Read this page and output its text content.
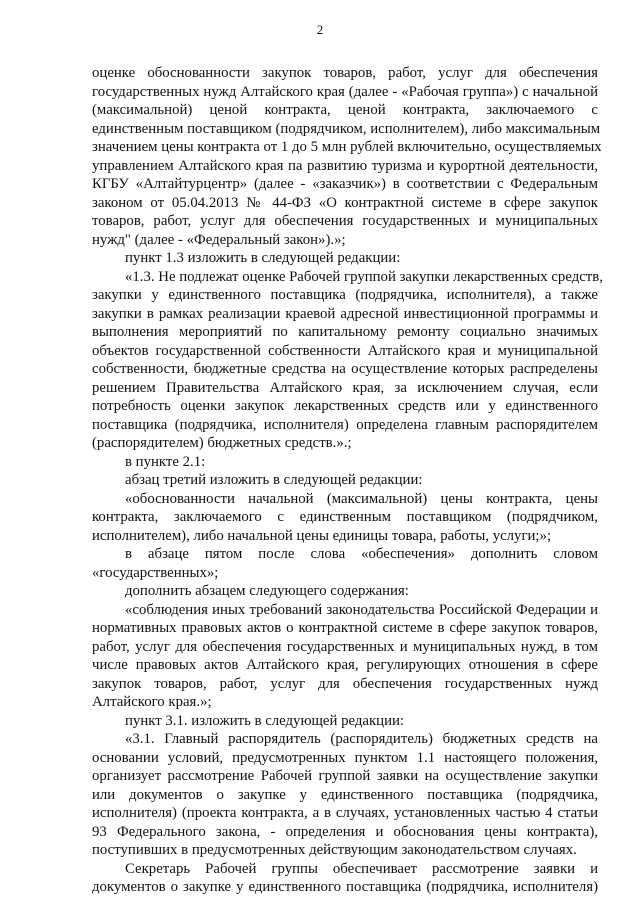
2
оценке обоснованности закупок товаров, работ, услуг для обеспечения
государственных нужд Алтайского края (далее - «Рабочая группа») с начальной
(максимальной) ценой контракта, ценой контракта, заключаемого с
единственным поставщиком (подрядчиком, исполнителем), либо максимальным
значением цены контракта от 1 до 5 млн рублей включительно, осуществляемых
управлением Алтайского края па развитию туризма и курортной деятельности,
КГБУ «Алтайтурцентр» (далее - «заказчик») в соответствии с Федеральным
законом от 05.04.2013 № 44-ФЗ «О контрактной системе в сфере закупок
товаров, работ, услуг для обеспечения государственных и муниципальных
нужд" (далее - «Федеральный закон»).»;
пункт 1.3 изложить в следующей редакции:
«1.3. Не подлежат оценке Рабочей группой закупки лекарственных средств,
закупки у единственного поставщика (подрядчика, исполнителя), а также
закупки в рамках реализации краевой адресной инвестиционной программы и
выполнения мероприятий по капитальному ремонту социально значимых
объектов государственной собственности Алтайского края и муниципальной
собственности, бюджетные средства на осуществление которых распределены
решением Правительства Алтайского края, за исключением случая, если
потребность оценки закупок лекарственных средств или у единственного
поставщика (подрядчика, исполнителя) определена главным распорядителем
(распорядителем) бюджетных средств.».;
в пункте 2.1:
абзац третий изложить в следующей редакции:
«обоснованности начальной (максимальной) цены контракта, цены
контракта, заключаемого с единственным поставщиком (подрядчиком,
исполнителем), либо начальной цены единицы товара, работы, услуги;»;
в абзаце пятом после слова «обеспечения» дополнить словом
«государственных»;
дополнить абзацем следующего содержания:
«соблюдения иных требований законодательства Российской Федерации и
нормативных правовых актов о контрактной системе в сфере закупок товаров,
работ, услуг для обеспечения государственных и муниципальных нужд, в том
числе правовых актов Алтайского края, регулирующих отношения в сфере
закупок товаров, работ, услуг для обеспечения государственных нужд
Алтайского края.»;
пункт 3.1. изложить в следующей редакции:
«3.1. Главный распорядитель (распорядитель) бюджетных средств на
основании условий, предусмотренных пунктом 1.1 настоящего положения,
организует рассмотрение Рабочей группой заявки на осуществление закупки
или документов о закупке у единственного поставщика (подрядчика,
исполнителя) (проекта контракта, а в случаях, установленных частью 4 статьи
93 Федерального закона, - определения и обоснования цены контракта),
поступивших в предусмотренных действующим законодательством случаях.
Секретарь Рабочей группы обеспечивает рассмотрение заявки и
документов о закупке у единственного поставщика (подрядчика, исполнителя)
